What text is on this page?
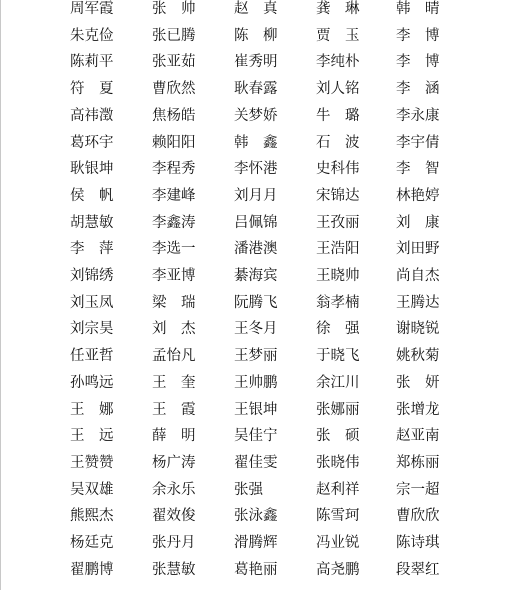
周军霞	张　帅	赵　真	龚　琳	韩　晴
朱克俭	张已腾	陈　柳	贾　玉	李　博
陈莉平	张亚茹	崔秀明	李纯朴	李　博
符　夏	曹欣然	耿春露	刘人铭	李　涵
高祎澂	焦杨皓	关梦娇	牛　璐	李永康
葛环宇	赖阳阳	韩　鑫	石　波	李宇倩
耿银坤	李程秀	李怀港	史科伟	李　智
侯　帆	李建峰	刘月月	宋锦达	林艳婷
胡慧敏	李鑫涛	吕佩锦	王孜丽	刘　康
李　萍	李选一	潘港澳	王浩阳	刘田野
刘锦绣	李亚博	綦海宾	王晓帅	尚自杰
刘玉凤	梁　瑞	阮腾飞	翁孝楠	王腾达
刘宗昊	刘　杰	王冬月	徐　强	谢晓锐
任亚哲	孟怡凡	王梦丽	于晓飞	姚秋菊
孙鸣远	王　奎	王帅鹏	余江川	张　妍
王　娜	王　霞	王银坤	张娜丽	张增龙
王　远	薛　明	吴佳宁	张　硕	赵亚南
王赞赞	杨广涛	翟佳雯	张晓伟	郑栋丽
吴双雄	余永乐	张强	赵利祥	宗一超
熊熙杰	翟效俊	张泳鑫	陈雪珂	曹欣欣
杨廷克	张丹月	滑腾辉	冯业锐	陈诗琪
翟鹏博	张慧敏	葛艳丽	高尧鹏	段翠红
